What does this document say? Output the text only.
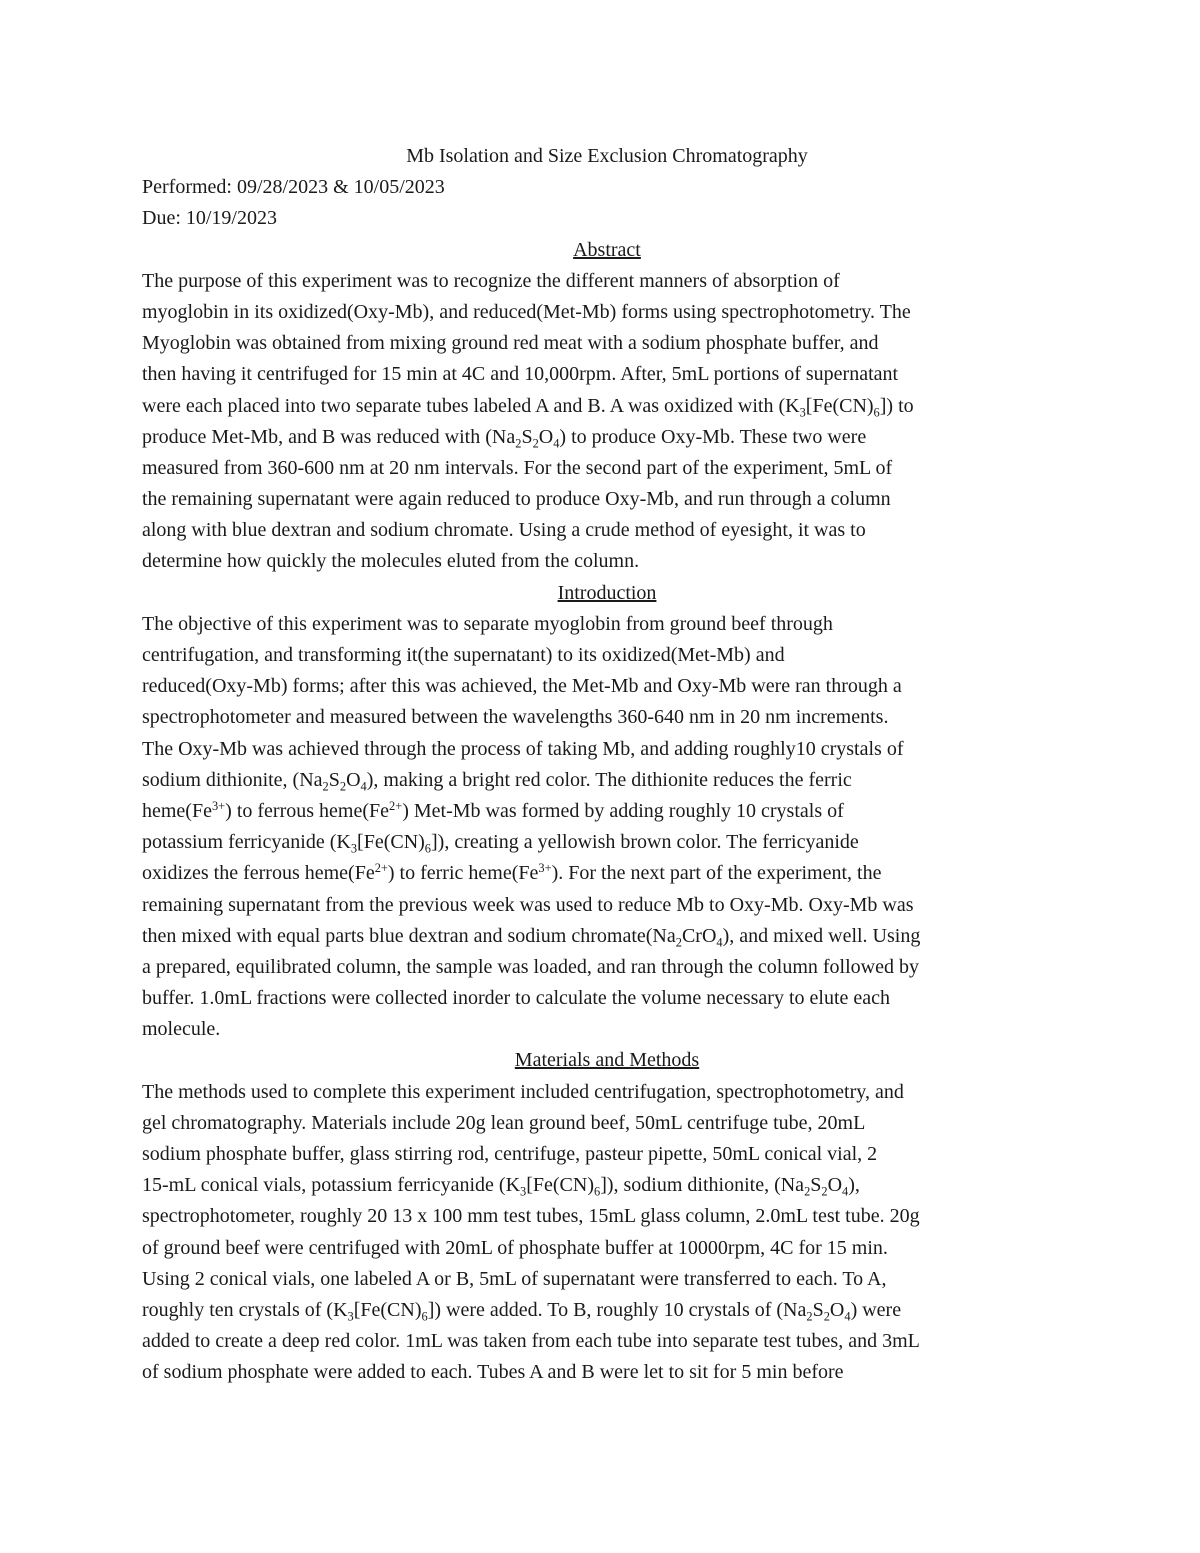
Mb Isolation and Size Exclusion Chromatography
Performed: 09/28/2023 & 10/05/2023
Due: 10/19/2023
Abstract
The purpose of this experiment was to recognize the different manners of absorption of
myoglobin in its oxidized(Oxy-Mb), and reduced(Met-Mb) forms using spectrophotometry. The
Myoglobin was obtained from mixing ground red meat with a sodium phosphate buffer, and
then having it centrifuged for 15 min at 4C and 10,000rpm. After, 5mL portions of supernatant
were each placed into two separate tubes labeled A and B. A was oxidized with $(K_3[Fe(CN)_6])$ to
produce Met-Mb, and B was reduced with $(Na_2S_2O_4)$ to produce Oxy-Mb. These two were
measured from 360-600 nm at 20 nm intervals. For the second part of the experiment, 5mL of
the remaining supernatant were again reduced to produce Oxy-Mb, and run through a column
along with blue dextran and sodium chromate. Using a crude method of eyesight, it was to
determine how quickly the molecules eluted from the column.
Introduction
The objective of this experiment was to separate myoglobin from ground beef through
centrifugation, and transforming it(the supernatant) to its oxidized(Met-Mb) and
reduced(Oxy-Mb) forms; after this was achieved, the Met-Mb and Oxy-Mb were ran through a
spectrophotometer and measured between the wavelengths 360-640 nm in 20 nm increments.
The Oxy-Mb was achieved through the process of taking Mb, and adding roughly10 crystals of
sodium dithionite, $(Na_2S_2O_4)$, making a bright red color. The dithionite reduces the ferric
$heme(Fe^{3+})$ to ferrous $heme(Fe^{2+})$ Met-Mb was formed by adding roughly 10 crystals of
potassium ferricyanide $(K_3[Fe(CN)_6])$, creating a yellowish brown color. The ferricyanide
oxidizes the ferrous $heme(Fe^{2+})$ to ferric $heme(Fe^{3+})$. For the next part of the experiment, the
remaining supernatant from the previous week was used to reduce Mb to Oxy-Mb. Oxy-Mb was
then mixed with equal parts blue dextran and sodium $chromate(Na_2CrO_4)$, and mixed well. Using
a prepared, equilibrated column, the sample was loaded, and ran through the column followed by
buffer. 1.0mL fractions were collected inorder to calculate the volume necessary to elute each
molecule.
Materials and Methods
The methods used to complete this experiment included centrifugation, spectrophotometry, and
gel chromatography. Materials include 20g lean ground beef, 50mL centrifuge tube, 20mL
sodium phosphate buffer, glass stirring rod, centrifuge, pasteur pipette, 50mL conical vial, 2
15-mL conical vials, potassium ferricyanide $(K_3[Fe(CN)_6])$, sodium dithionite, $(Na_2S_2O_4)$,
spectrophotometer, roughly 20 13 x 100 mm test tubes, 15mL glass column, 2.0mL test tube. 20g
of ground beef were centrifuged with 20mL of phosphate buffer at 10000rpm, 4C for 15 min.
Using 2 conical vials, one labeled A or B, 5mL of supernatant were transferred to each. To A,
roughly ten crystals of $(K_3[Fe(CN)_6])$ were added. To B, roughly 10 crystals of $(Na_2S_2O_4)$ were
added to create a deep red color. 1mL was taken from each tube into separate test tubes, and 3mL
of sodium phosphate were added to each. Tubes A and B were let to sit for 5 min before
